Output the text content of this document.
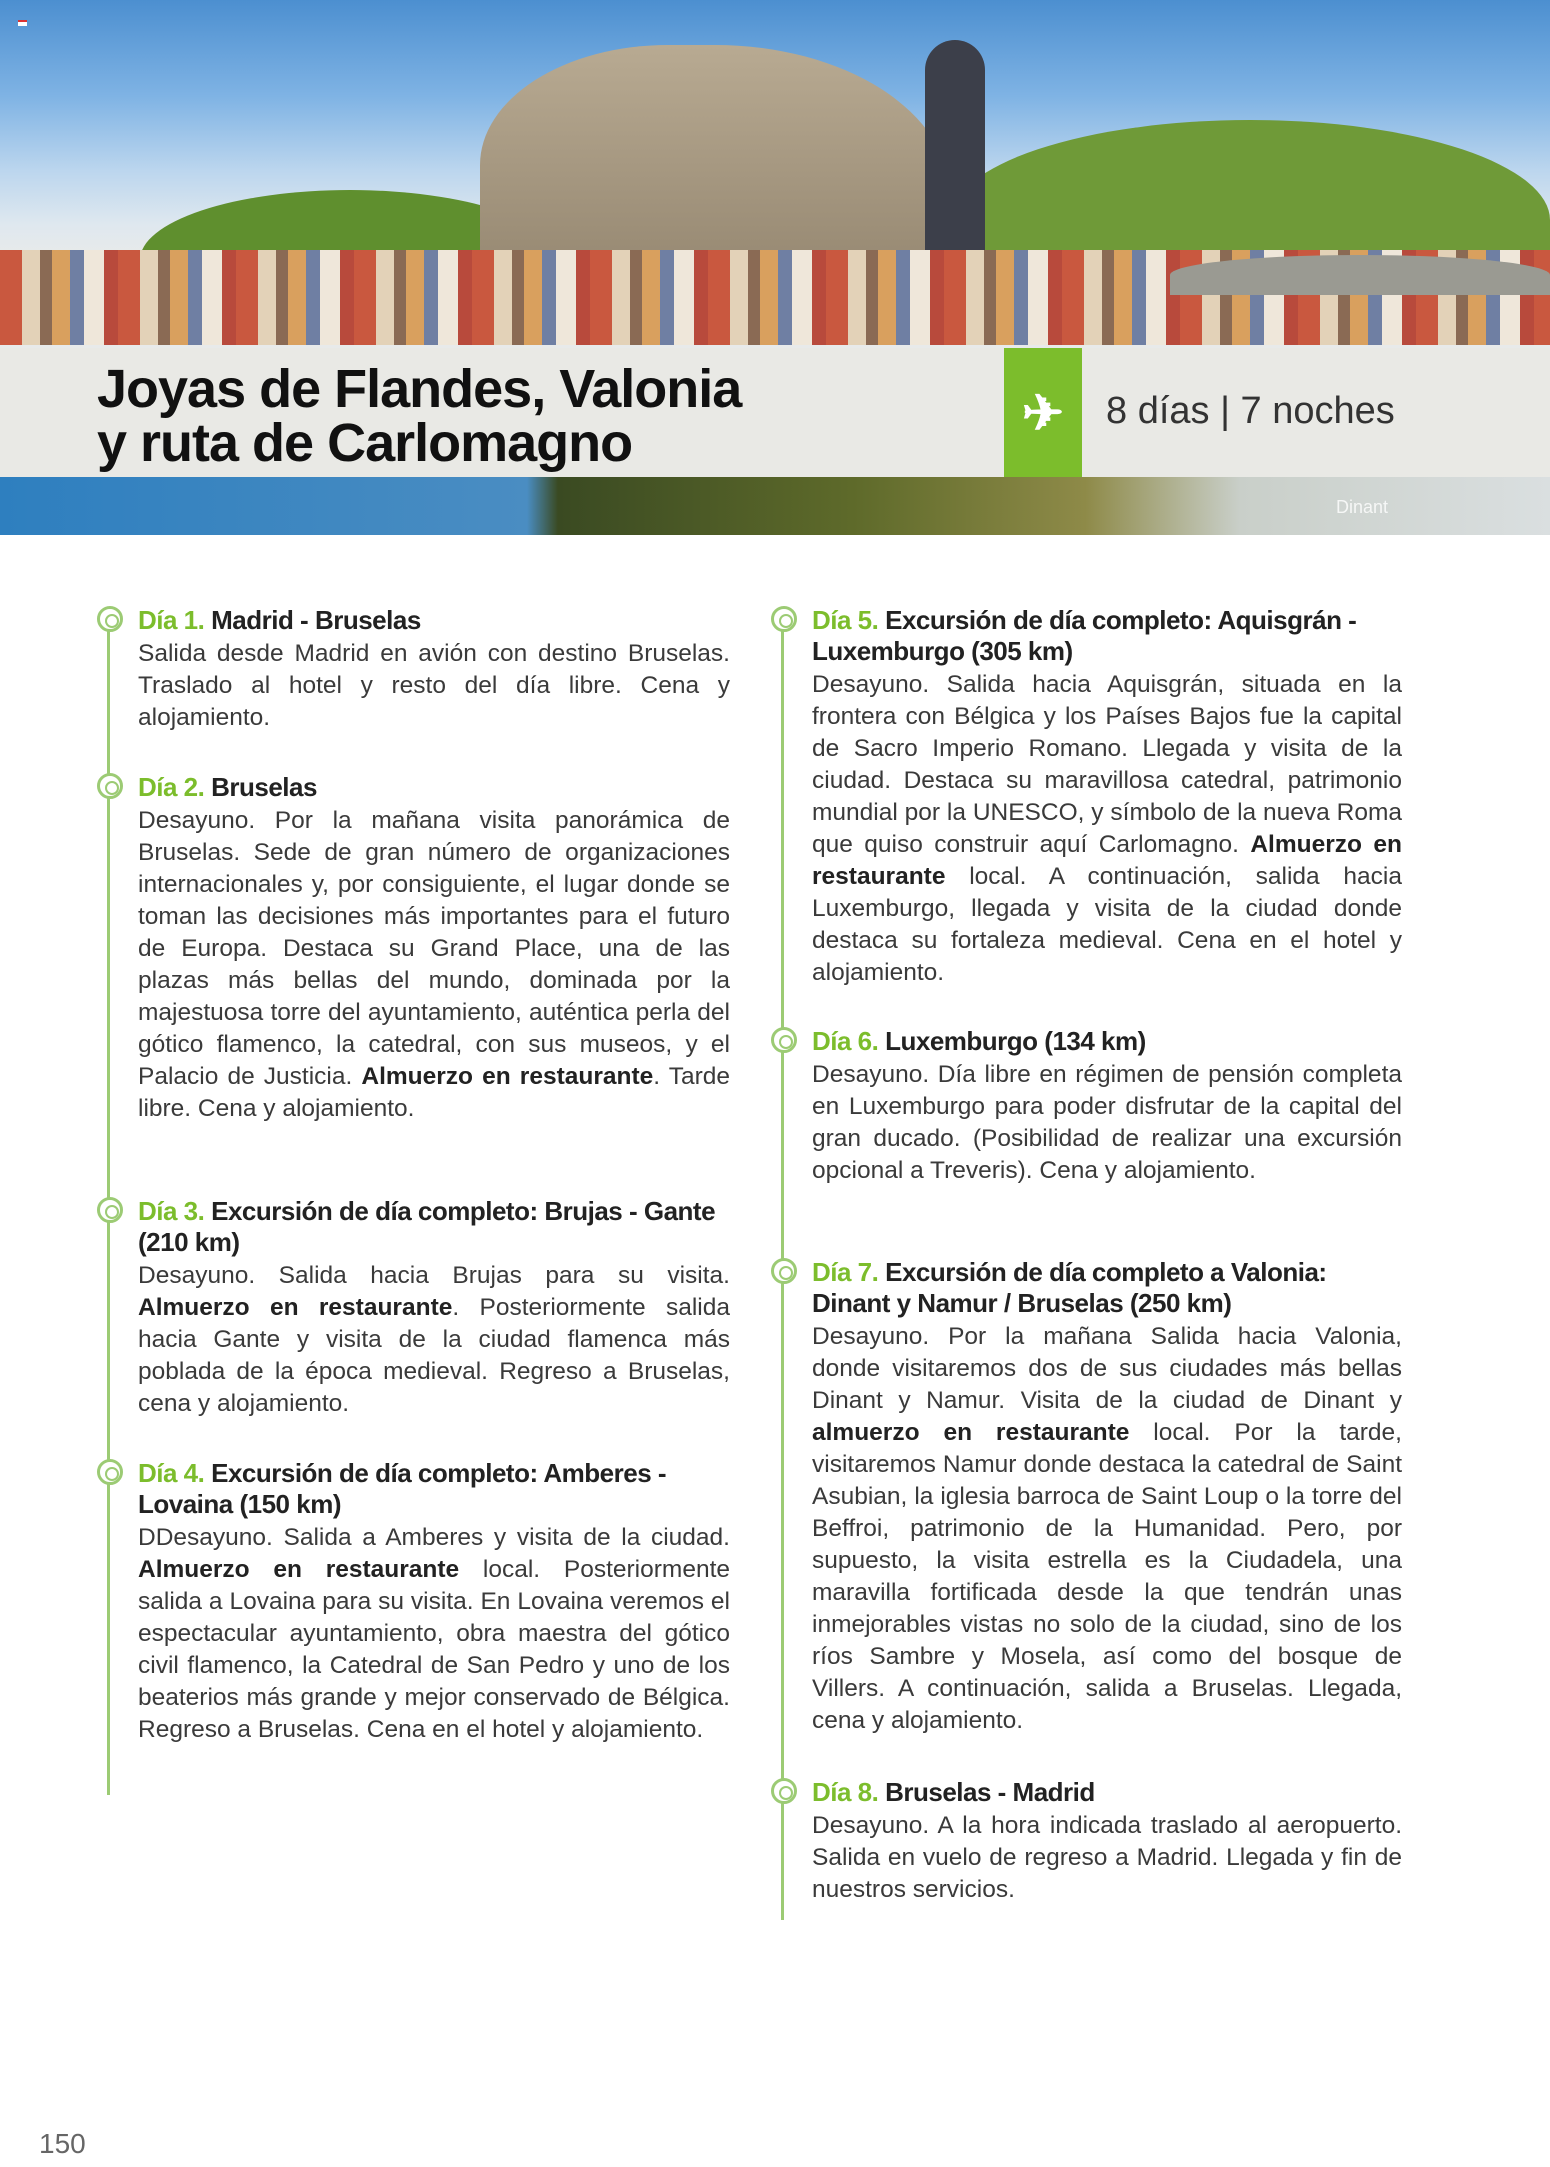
Joyas de Flandes, Valonia
y ruta de Carlomagno
✈	8 días | 7 noches
Dinant
Día 1. Madrid - Bruselas

Salida desde Madrid en avión con destino Bruselas. Traslado al hotel y resto del día libre. Cena y alojamiento.

Día 2. Bruselas

Desayuno. Por la mañana visita panorámica de Bruselas. Sede de gran número de organizaciones internacionales y, por consiguiente, el lugar donde se toman las decisiones más importantes para el futuro de Europa. Destaca su Grand Place, una de las plazas más bellas del mundo, dominada por la majestuosa torre del ayuntamiento, auténtica perla del gótico flamenco, la catedral, con sus museos, y el Palacio de Justicia. Almuerzo en restaurante. Tarde libre. Cena y alojamiento.

Día 3. Excursión de día completo: Brujas - Gante (210 km)

Desayuno. Salida hacia Brujas para su visita. Almuerzo en restaurante. Posteriormente salida hacia Gante y visita de la ciudad flamenca más poblada de la época medieval. Regreso a Bruselas, cena y alojamiento.

Día 4. Excursión de día completo: Amberes - Lovaina (150 km)

DDesayuno. Salida a Amberes y visita de la ciudad. Almuerzo en restaurante local. Posteriormente salida a Lovaina para su visita. En Lovaina veremos el espectacular ayuntamiento, obra maestra del gótico civil flamenco, la Catedral de San Pedro y uno de los beaterios más grande y mejor conservado de Bélgica. Regreso a Bruselas. Cena en el hotel y alojamiento.

Día 5. Excursión de día completo: Aquisgrán - Luxemburgo (305 km)

Desayuno. Salida hacia Aquisgrán, situada en la frontera con Bélgica y los Países Bajos fue la capital de Sacro Imperio Romano. Llegada y visita de la ciudad. Destaca su maravillosa catedral, patrimonio mundial por la UNESCO, y símbolo de la nueva Roma que quiso construir aquí Carlomagno. Almuerzo en restaurante local. A continuación, salida hacia Luxemburgo, llegada y visita de la ciudad donde destaca su fortaleza medieval. Cena en el hotel y alojamiento.

Día 6. Luxemburgo (134 km)

Desayuno. Día libre en régimen de pensión completa en Luxemburgo para poder disfrutar de la capital del gran ducado. (Posibilidad de realizar una excursión opcional a Treveris). Cena y alojamiento.

Día 7. Excursión de día completo a Valonia: Dinant y Namur / Bruselas (250 km)

Desayuno. Por la mañana Salida hacia Valonia, donde visitaremos dos de sus ciudades más bellas Dinant y Namur. Visita de la ciudad de Dinant y almuerzo en restaurante local. Por la tarde, visitaremos Namur donde destaca la catedral de Saint Asubian, la iglesia barroca de Saint Loup o la torre del Beffroi, patrimonio de la Humanidad. Pero, por supuesto, la visita estrella es la Ciudadela, una maravilla fortificada desde la que tendrán unas inmejorables vistas no solo de la ciudad, sino de los ríos Sambre y Mosela, así como del bosque de Villers. A continuación, salida a Bruselas. Llegada, cena y alojamiento.

Día 8. Bruselas - Madrid

Desayuno. A la hora indicada traslado al aeropuerto. Salida en vuelo de regreso a Madrid. Llegada y fin de nuestros servicios.

150
